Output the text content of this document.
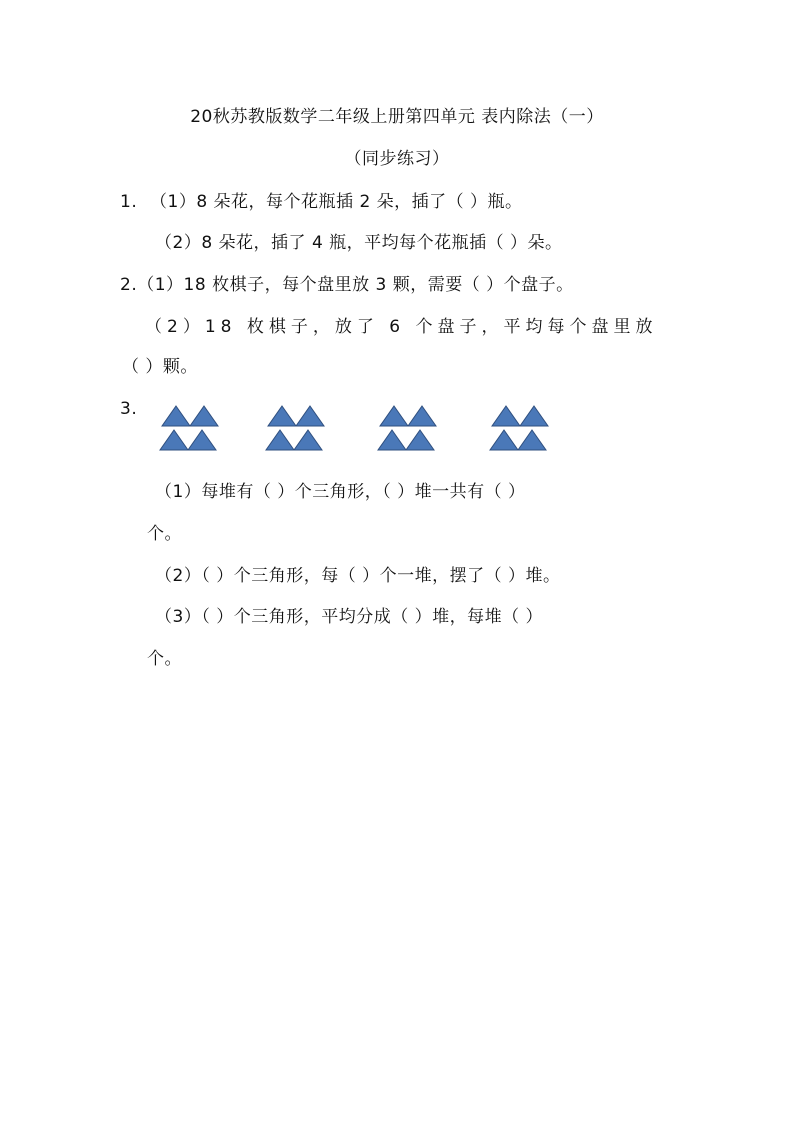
20秋苏教版数学二年级上册第四单元 表内除法（一）
（同步练习）
1. （1）8 朵花，每个花瓶插 2 朵，插了（ ）瓶。
（2）8 朵花，插了 4 瓶，平均每个花瓶插（ ）朵。
2.（1）18 枚棋子，每个盘里放 3 颗，需要（ ）个盘子。
（2）18 枚棋子，放了 6 个盘子，平均每个盘里放
（ ）颗。
3.
（1）每堆有（ ）个三角形，（ ）堆一共有（ ）
个。
（2）（ ）个三角形，每（ ）个一堆，摆了（ ）堆。
（3）（ ）个三角形，平均分成（ ）堆，每堆（ ）
个。
